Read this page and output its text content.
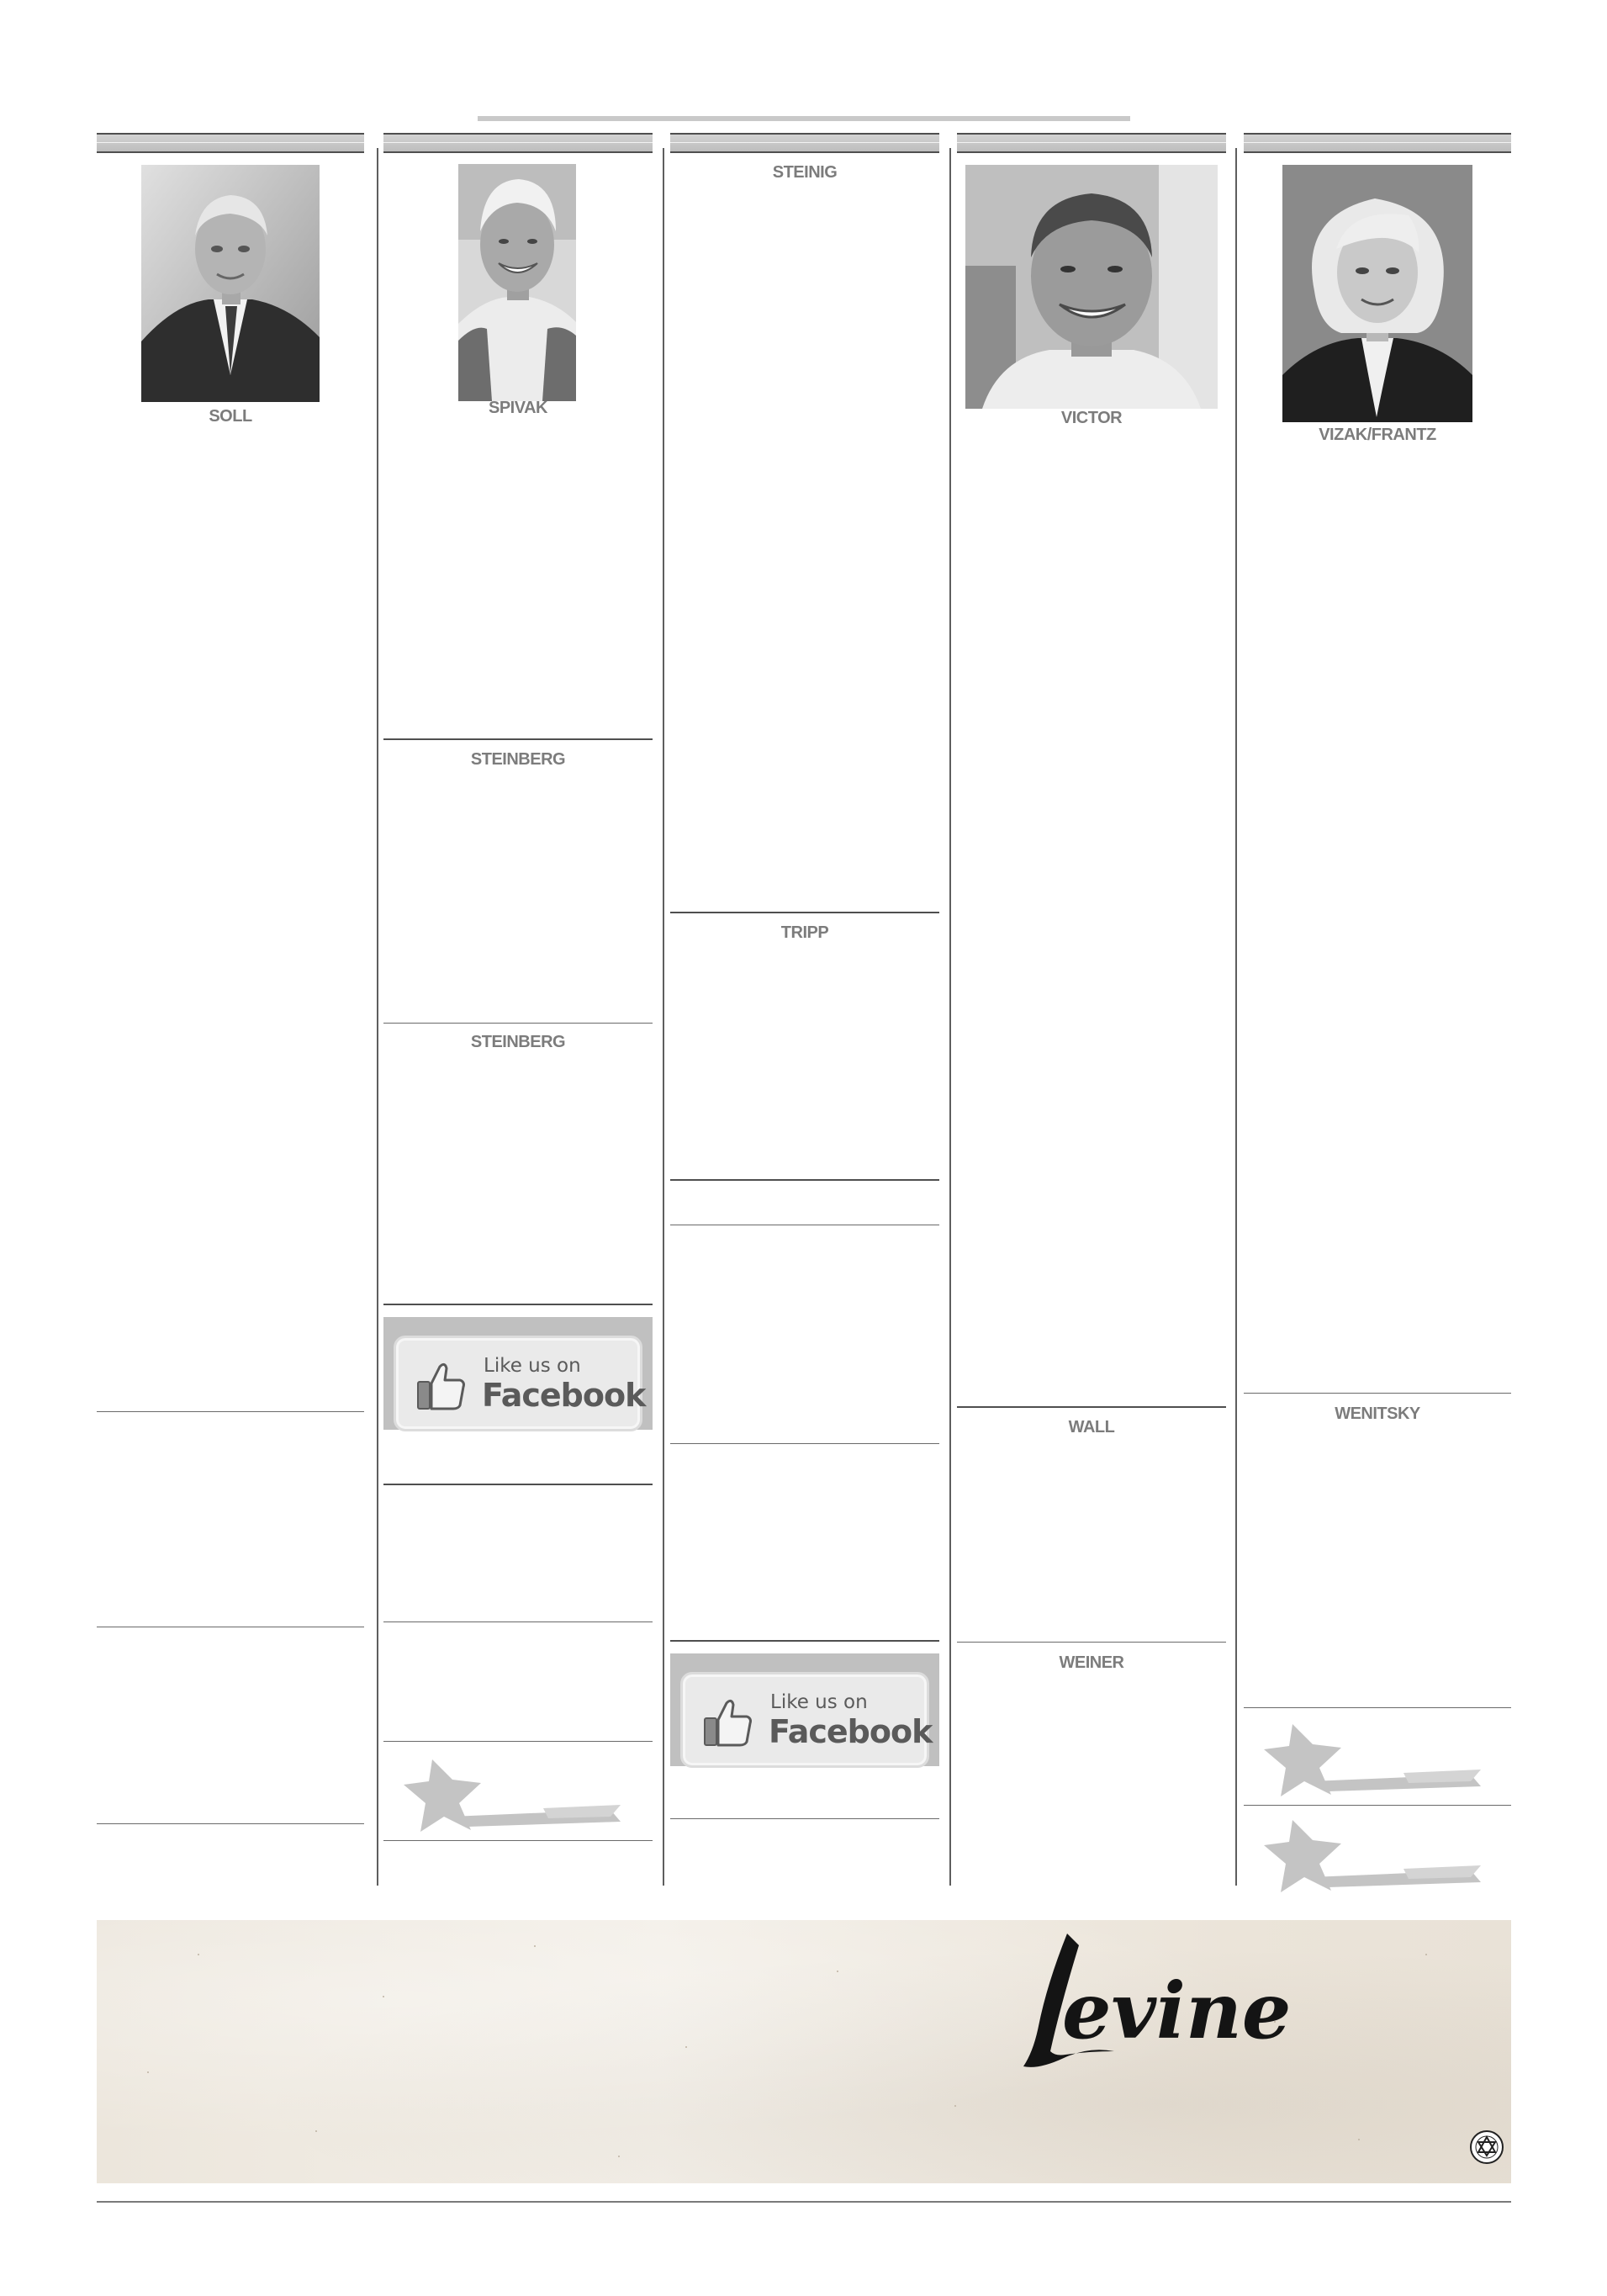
SOLL	SPIVAK
STEINBERG
STEINBERG
Like us on
Facebook
STEINIG
TRIPP
Like us on
Facebook
VICTOR
WALL
WEINER
VIZAK/FRANTZ
WENITSKY
evine
